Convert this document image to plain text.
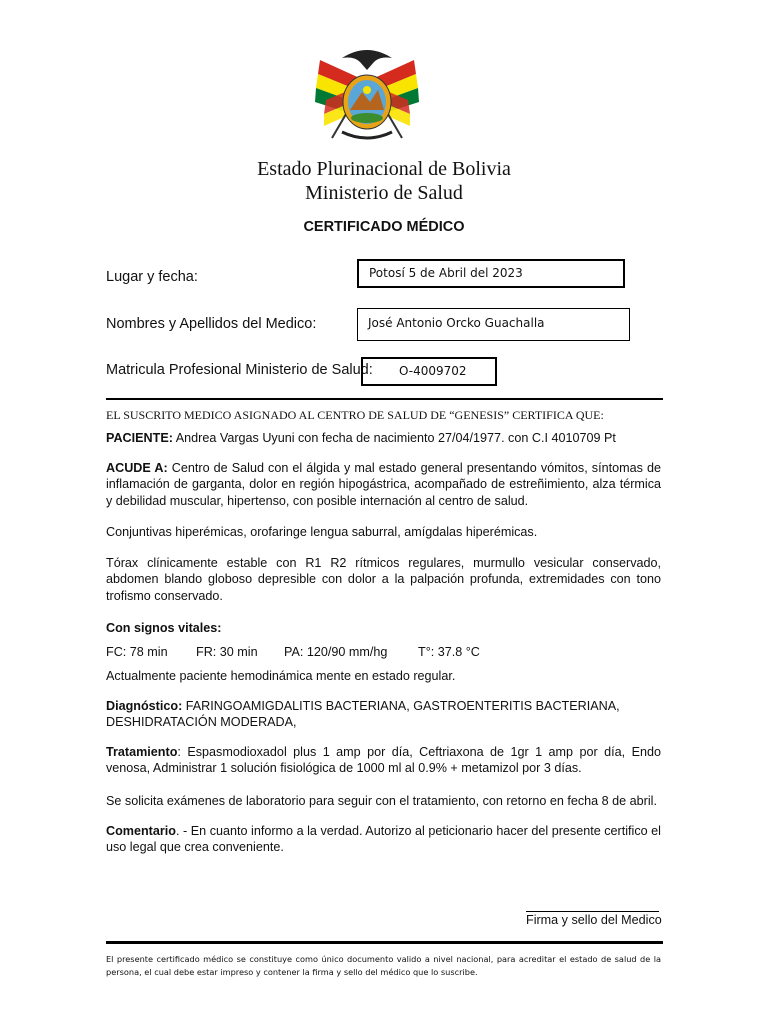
Estado Plurinacional de Bolivia
Ministerio de Salud
CERTIFICADO MÉDICO
Lugar y fecha:	Potosí 5 de Abril del 2023
Nombres y Apellidos del Medico:	José Antonio Orcko Guachalla
Matricula Profesional Ministerio de Salud:	O-4009702
EL SUSCRITO MEDICO ASIGNADO AL CENTRO DE SALUD DE “GENESIS” CERTIFICA QUE:
PACIENTE: Andrea Vargas Uyuni con fecha de nacimiento 27/04/1977. con C.I 4010709 Pt
ACUDE A: Centro de Salud con el álgida y mal estado general presentando vómitos, síntomas de inflamación de garganta, dolor en región hipogástrica, acompañado de estreñimiento, alza térmica y debilidad muscular, hipertenso, con posible internación al centro de salud.
Conjuntivas hiperémicas, orofaringe lengua saburral, amígdalas hiperémicas.
Tórax clínicamente estable con R1 R2 rítmicos regulares, murmullo vesicular conservado, abdomen blando globoso depresible con dolor a la palpación profunda, extremidades con tono trofismo conservado.
Con signos vitales:
FC: 78 min FR: 30 min PA: 120/90 mm/hg T°: 37.8 °C
Actualmente paciente hemodinámica mente en estado regular.
Diagnóstico: FARINGOAMIGDALITIS BACTERIANA, GASTROENTERITIS BACTERIANA, DESHIDRATACIÓN MODERADA,
Tratamiento: Espasmodioxadol plus 1 amp por día, Ceftriaxona de 1gr 1 amp por día, Endo venosa, Administrar 1 solución fisiológica de 1000 ml al 0.9% + metamizol por 3 días.
Se solicita exámenes de laboratorio para seguir con el tratamiento, con retorno en fecha 8 de abril.
Comentario. - En cuanto informo a la verdad. Autorizo al peticionario hacer del presente certifico el uso legal que crea conveniente.
Firma y sello del Medico
El presente certificado médico se constituye como único documento valido a nivel nacional, para acreditar el estado de salud de la persona, el cual debe estar impreso y contener la firma y sello del médico que lo suscribe.
